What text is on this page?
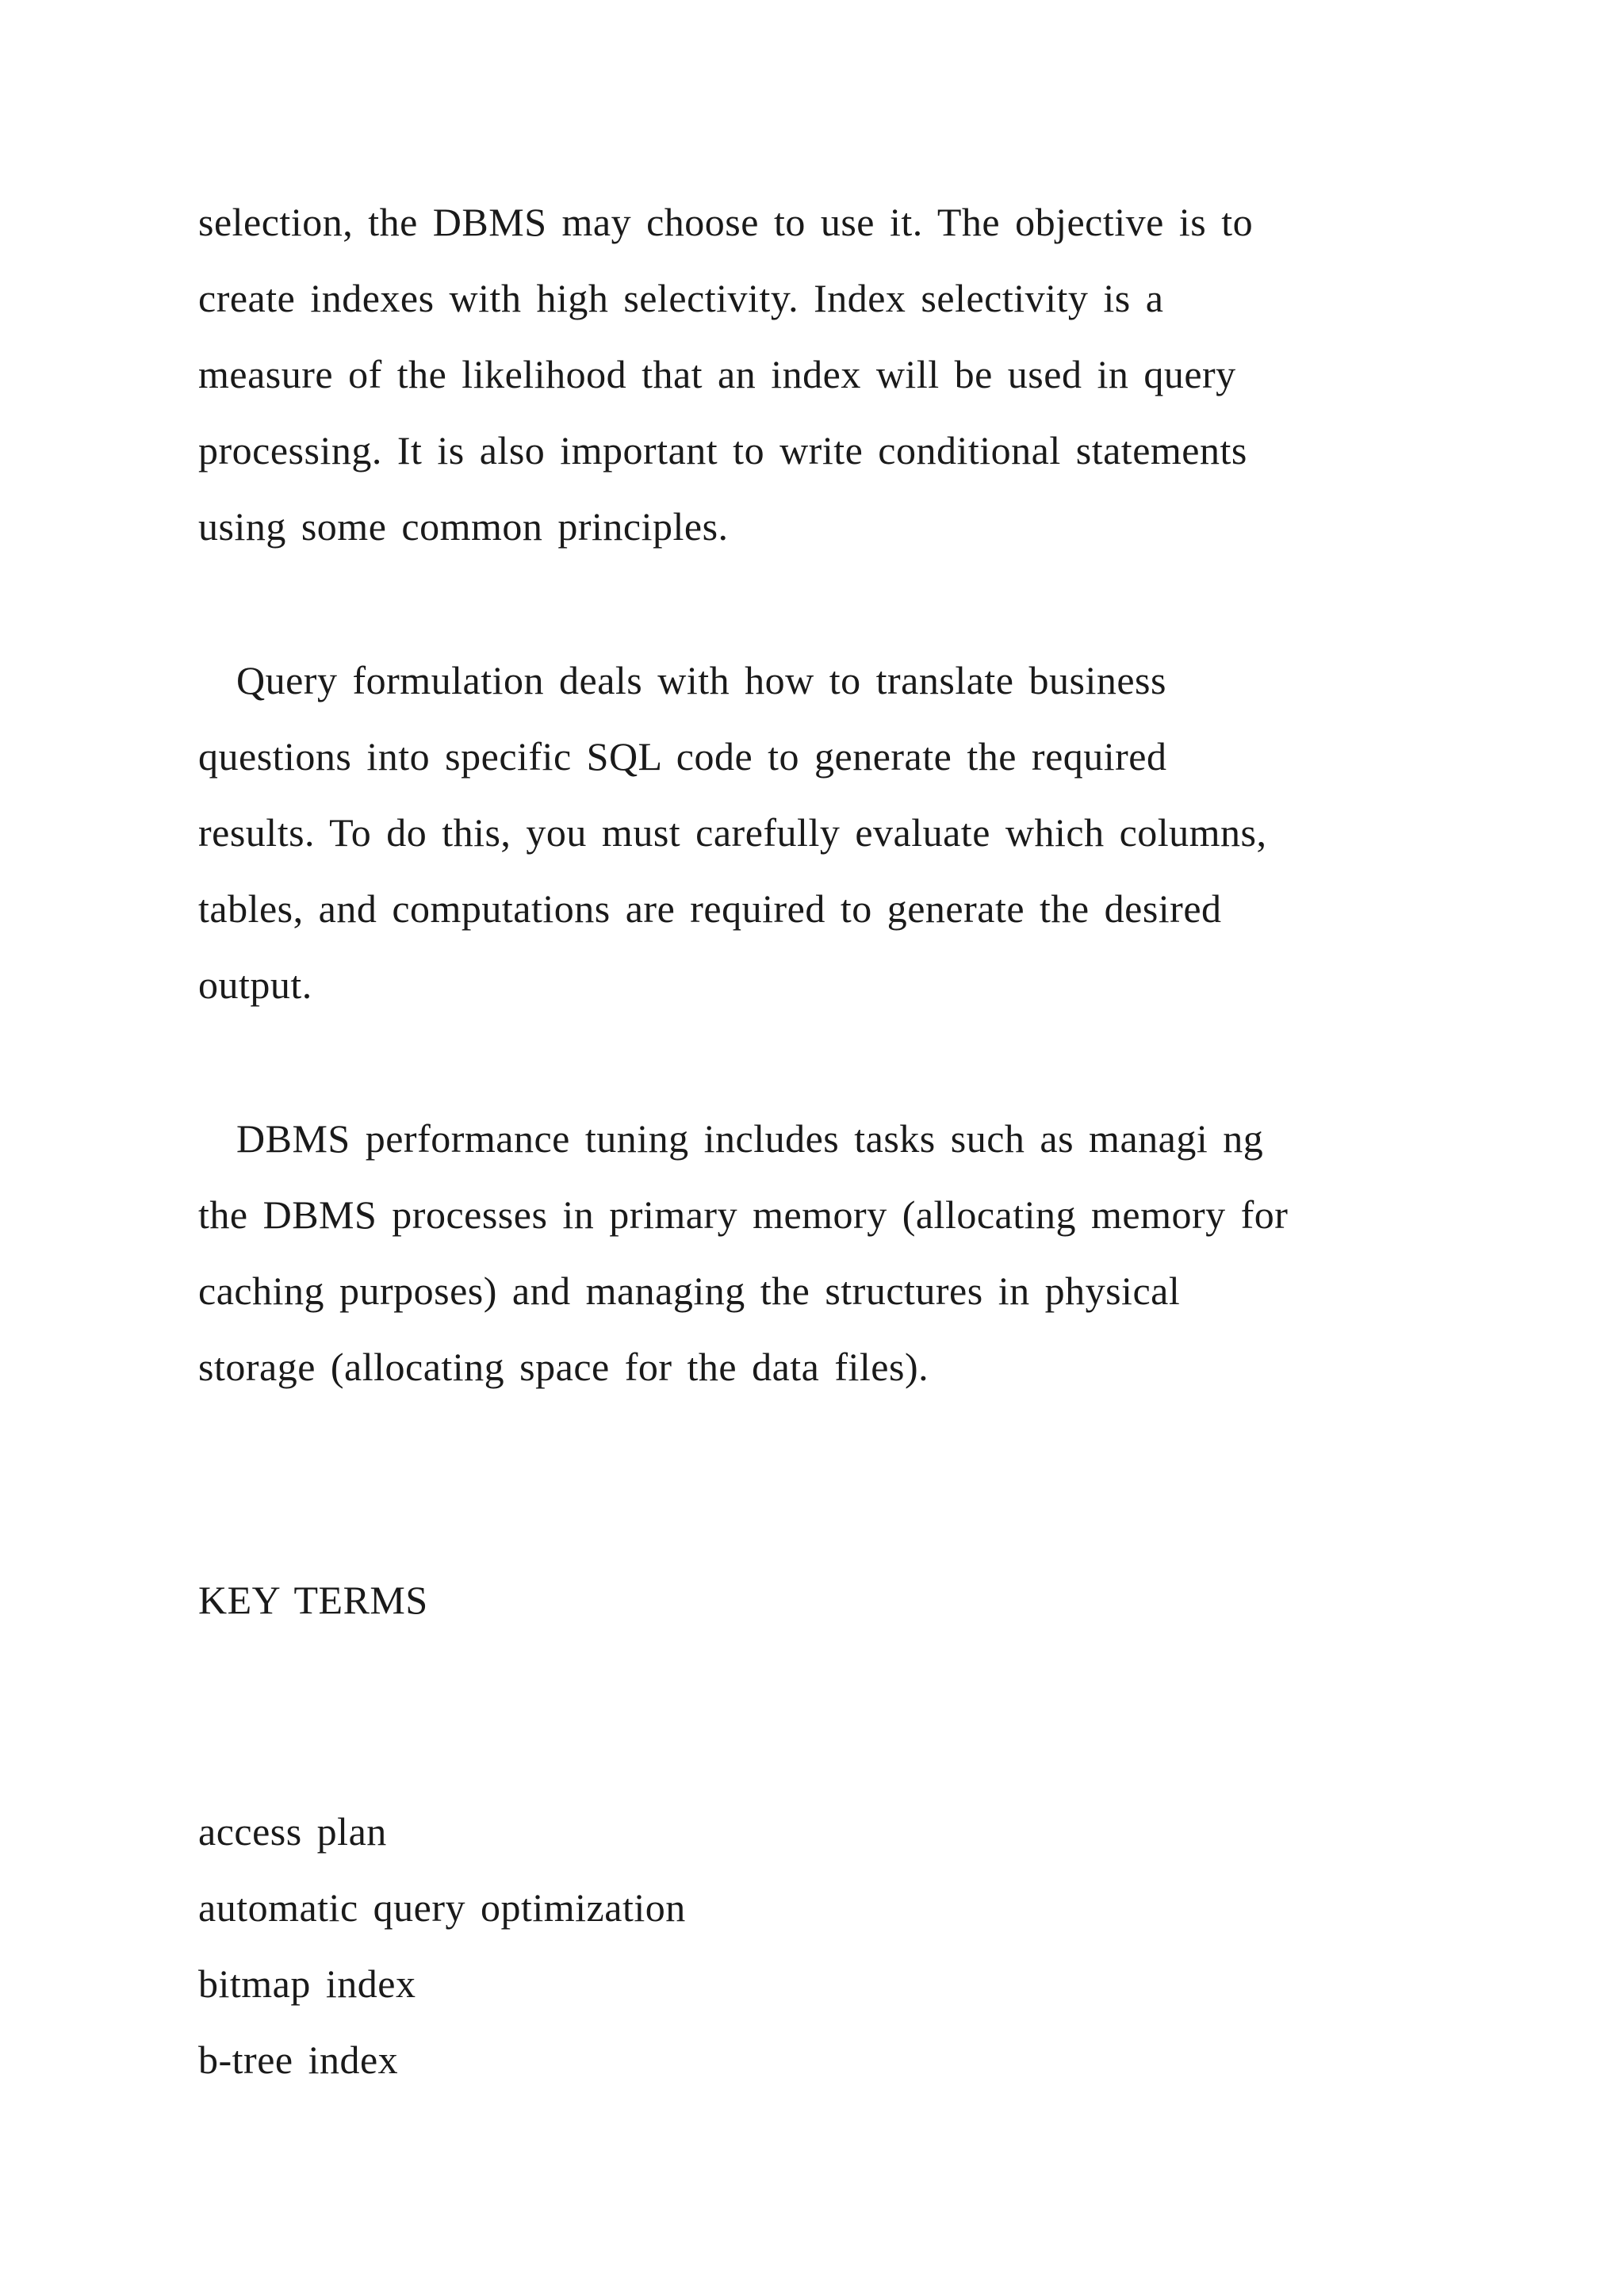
selection, the DBMS may choose to use it. The objective is to
create indexes with high selectivity. Index selectivity is a
measure of the likelihood that an index will be used in query
processing. It is also important to write conditional statements
using some common principles.
Query formulation deals with how to translate business
questions into specific SQL code to generate the required
results. To do this, you must carefully evaluate which columns,
tables, and computations are required to generate the desired
output.
DBMS performance tuning includes tasks such as managi ng
the DBMS processes in primary memory (allocating memory for
caching purposes) and managing the structures in physical
storage (allocating space for the data files).
KEY TERMS
access plan
automatic query optimization
bitmap index
b-tree index
